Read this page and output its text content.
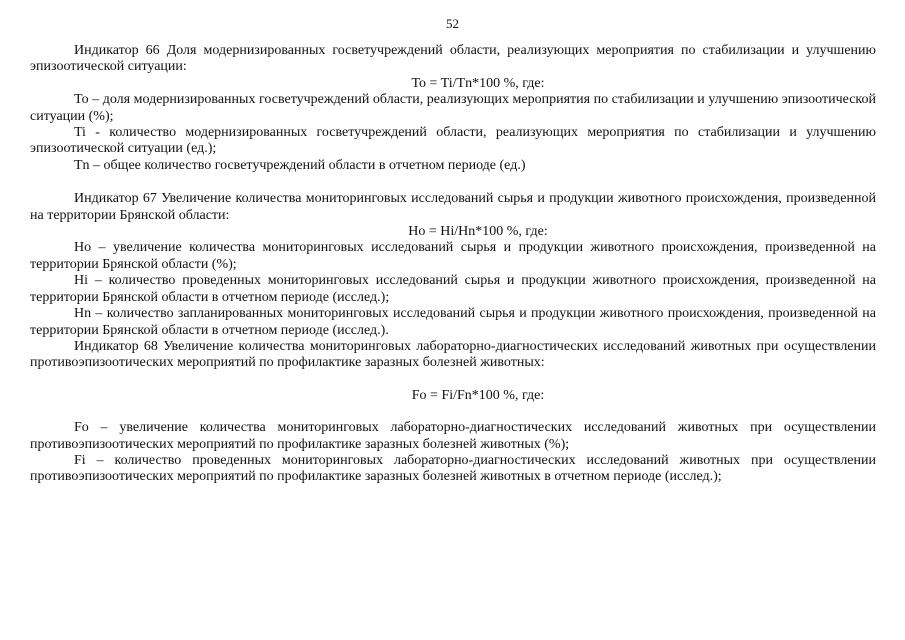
52

Индикатор 66 Доля модернизированных госветучреждений области, реализующих мероприятия по стабилизации и улучшению эпизоотической ситуации:

To = Ti/Tn*100 %, где:

To – доля модернизированных госветучреждений области, реализующих мероприятия по стабилизации и улучшению эпизоотической ситуации (%);

Ti - количество модернизированных госветучреждений области, реализующих мероприятия по стабилизации и улучшению эпизоотической ситуации (ед.);

Tn – общее количество госветучреждений области в отчетном периоде (ед.)

Индикатор 67 Увеличение количества мониторинговых исследований сырья и продукции животного происхождения, произведенной на территории Брянской области:

Ho = Hi/Hn*100 %, где:

Ho – увеличение количества мониторинговых исследований сырья и продукции животного происхождения, произведенной на территории Брянской области (%);

Hi – количество проведенных мониторинговых исследований сырья и продукции животного происхождения, произведенной на территории Брянской области в отчетном периоде (исслед.);

Hn – количество запланированных мониторинговых исследований сырья и продукции животного происхождения, произведенной на территории Брянской области в отчетном периоде (исслед.).

Индикатор 68 Увеличение количества мониторинговых лабораторно-диагностических исследований животных при осуществлении противоэпизоотических мероприятий по профилактике заразных болезней животных:

Fo = Fi/Fn*100 %, где:

Fo – увеличение количества мониторинговых лабораторно-диагностических исследований животных при осуществлении противоэпизоотических мероприятий по профилактике заразных болезней животных (%);

Fi – количество проведенных мониторинговых лабораторно-диагностических исследований животных при осуществлении противоэпизоотических мероприятий по профилактике заразных болезней животных в отчетном периоде (исслед.);
